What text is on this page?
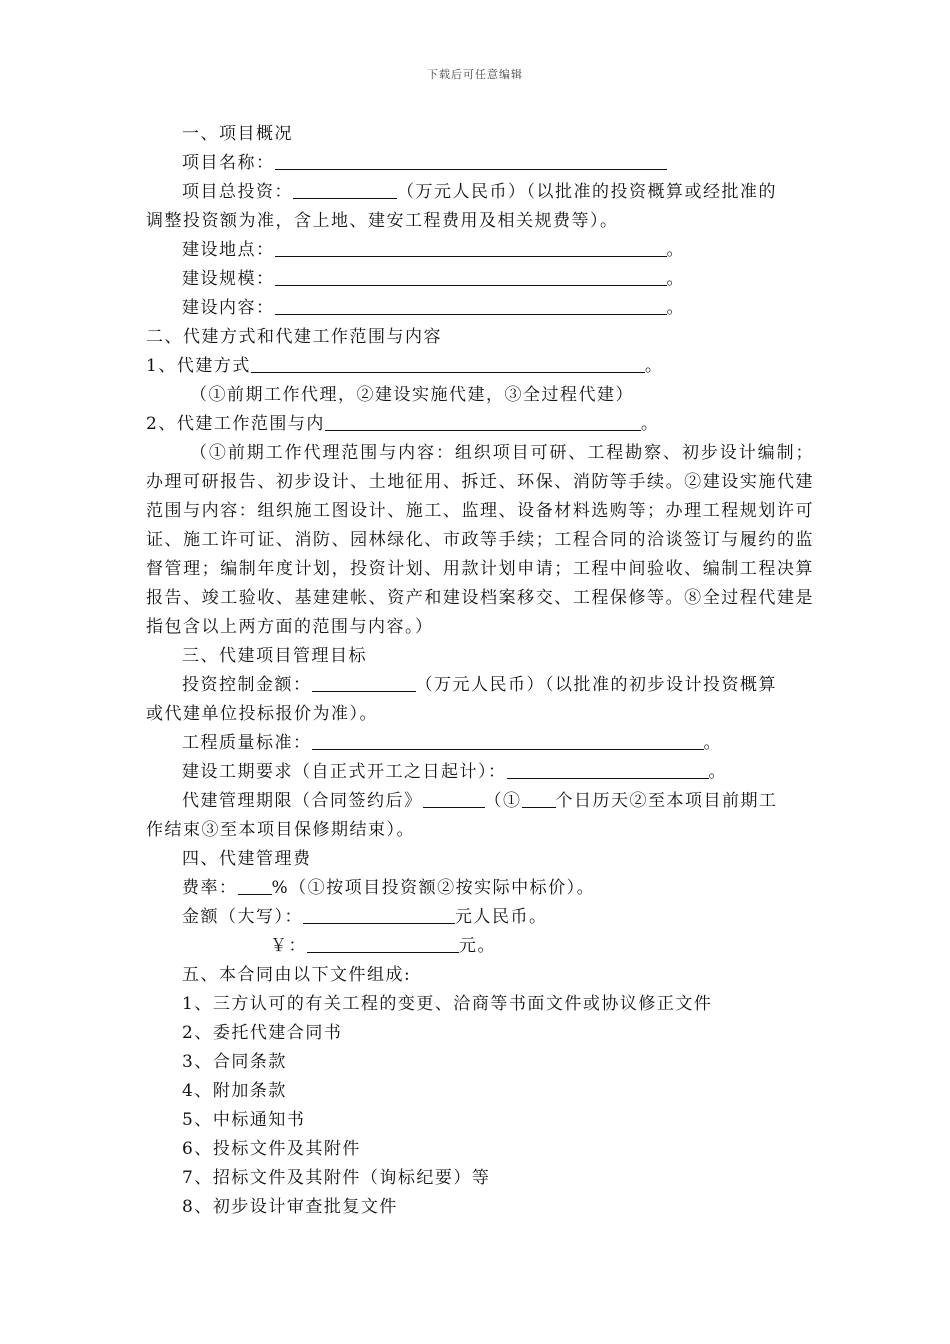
下载后可任意编辑
一、项目概况
项目名称：
项目总投资：	（万元人民币）（以批准的投资概算或经批准的
调整投资额为准，含上地、建安工程费用及相关规费等）。
建设地点：	。
建设规模：	。
建设内容：	。
二、代建方式和代建工作范围与内容
1、代建方式	。
（①前期工作代理，②建设实施代建，③全过程代建）
2、代建工作范围与内	。
（①前期工作代理范围与内容：组织项目可研、工程勘察、初步设计编制；办理可研报告、初步设计、土地征用、拆迁、环保、消防等手续。②建设实施代建范围与内容：组织施工图设计、施工、监理、设备材料选购等；办理工程规划许可证、施工许可证、消防、园林绿化、市政等手续；工程合同的洽谈签订与履约的监督管理；编制年度计划，投资计划、用款计划申请；工程中间验收、编制工程决算报告、竣工验收、基建建帐、资产和建设档案移交、工程保修等。⑧全过程代建是指包含以上两方面的范围与内容。）
三、代建项目管理目标
投资控制金额：	（万元人民币）（以批准的初步设计投资概算
或代建单位投标报价为准）。
工程质量标准：	。
建设工期要求（自正式开工之日起计）：	。
代建管理期限（合同签约后》	（① 个日历天②至本项目前期工
作结束③至本项目保修期结束）。
四、代建管理费
费率： %（①按项目投资额②按实际中标价）。
金额（大写）：	元人民币。
￥：	元。
五、本合同由以下文件组成:
1、三方认可的有关工程的变更、洽商等书面文件或协议修正文件
2、委托代建合同书
3、合同条款
4、附加条款
5、中标通知书
6、投标文件及其附件
7、招标文件及其附件（询标纪要）等
8、初步设计审查批复文件
